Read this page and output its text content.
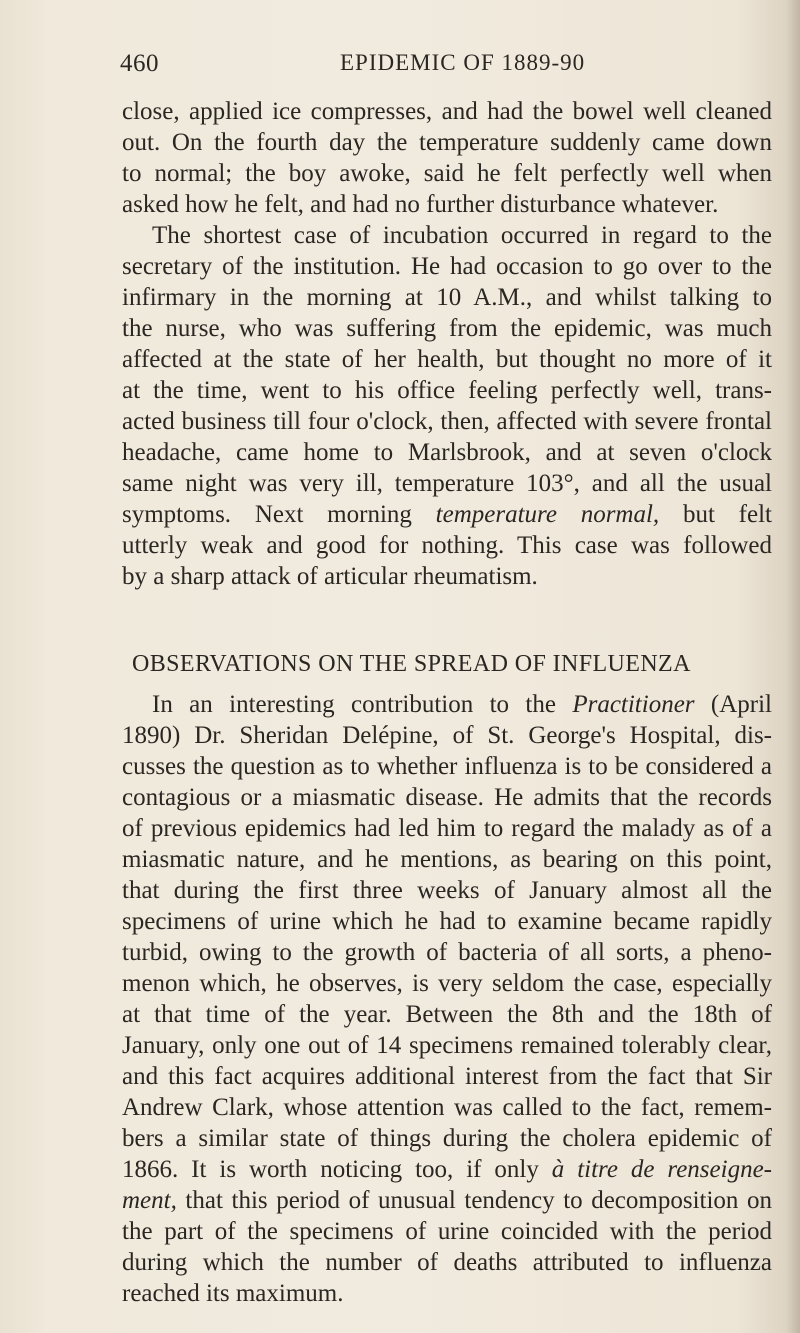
460	EPIDEMIC OF 1889-90
close, applied ice compresses, and had the bowel well cleaned
out. On the fourth day the temperature suddenly came down
to normal; the boy awoke, said he felt perfectly well when
asked how he felt, and had no further disturbance whatever.
The shortest case of incubation occurred in regard to the
secretary of the institution. He had occasion to go over to the
infirmary in the morning at 10 A.M., and whilst talking to
the nurse, who was suffering from the epidemic, was much
affected at the state of her health, but thought no more of it
at the time, went to his office feeling perfectly well, trans-
acted business till four o'clock, then, affected with severe frontal
headache, came home to Marlsbrook, and at seven o'clock
same night was very ill, temperature 103°, and all the usual
symptoms. Next morning temperature normal, but felt
utterly weak and good for nothing. This case was followed
by a sharp attack of articular rheumatism.
OBSERVATIONS ON THE SPREAD OF INFLUENZA
In an interesting contribution to the Practitioner (April
1890) Dr. Sheridan Delépine, of St. George's Hospital, dis-
cusses the question as to whether influenza is to be considered a
contagious or a miasmatic disease. He admits that the records
of previous epidemics had led him to regard the malady as of a
miasmatic nature, and he mentions, as bearing on this point,
that during the first three weeks of January almost all the
specimens of urine which he had to examine became rapidly
turbid, owing to the growth of bacteria of all sorts, a pheno-
menon which, he observes, is very seldom the case, especially
at that time of the year. Between the 8th and the 18th of
January, only one out of 14 specimens remained tolerably clear,
and this fact acquires additional interest from the fact that Sir
Andrew Clark, whose attention was called to the fact, remem-
bers a similar state of things during the cholera epidemic of
1866. It is worth noticing too, if only à titre de renseigne-
ment, that this period of unusual tendency to decomposition on
the part of the specimens of urine coincided with the period
during which the number of deaths attributed to influenza
reached its maximum.
